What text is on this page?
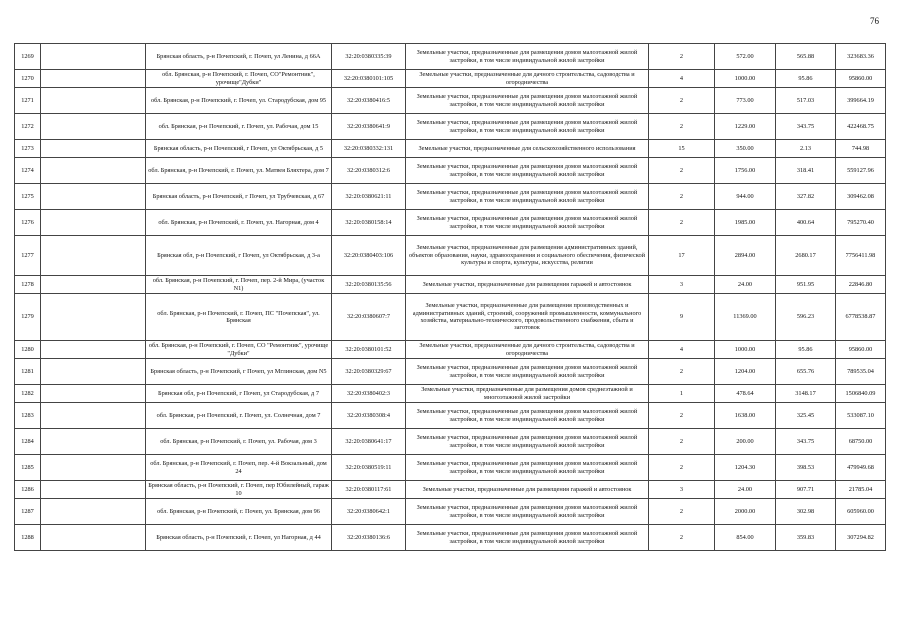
76
1269		Брянская область, р-н Почепский, г. Почеп, ул Ленина, д 66А	32:20:0380335:39	Земельные участки, предназначенные для размещения домов малоэтажной жилой застройки, в том числе индивидуальной жилой застройки	2	572.00	565.88	323683.36
1270		обл. Брянская, р-н Почепский, г. Почеп, СО"Ремонтник", урочище"Дубки"	32:20:0380101:105	Земельные участки, предназначенные для дачного строительства, садоводства и огородничества	4	1000.00	95.86	95860.00
1271		обл. Брянская, р-н Почепский, г. Почеп, ул. Стародубская, дом 95	32:20:0380416:5	Земельные участки, предназначенные для размещения домов малоэтажной жилой застройки, в том числе индивидуальной жилой застройки	2	773.00	517.03	399664.19
1272		обл. Брянская, р-н Почепский, г. Почеп, ул. Рабочая, дом 15	32:20:0380641:9	Земельные участки, предназначенные для размещения домов малоэтажной жилой застройки, в том числе индивидуальной жилой застройки	2	1229.00	343.75	422468.75
1273		Брянская область, р-н Почепский, г Почеп, ул Октябрьская, д 5	32:20:0380332:131	Земельные участки, предназначенные для сельскохозяйственного использования	15	350.00	2.13	744.98
1274		обл. Брянская, р-н Почепский, г. Почеп, ул. Матвея Бляхтера, дом 7	32:20:0380312:6	Земельные участки, предназначенные для размещения домов малоэтажной жилой застройки, в том числе индивидуальной жилой застройки	2	1756.00	318.41	559127.96
1275		Брянская область, р-н Почепский, г Почеп, ул Трубчевская, д 67	32:20:0380621:11	Земельные участки, предназначенные для размещения домов малоэтажной жилой застройки, в том числе индивидуальной жилой застройки	2	944.00	327.82	309462.08
1276		обл. Брянская, р-н Почепский, г. Почеп, ул. Нагорная, дом 4	32:20:0380158:14	Земельные участки, предназначенные для размещения домов малоэтажной жилой застройки, в том числе индивидуальной жилой застройки	2	1985.00	400.64	795270.40
1277		Брянская обл, р-н Почепский, г Почеп, ул Октябрьская, д 3-а	32:20:0380403:106	Земельные участки, предназначенные для размещения административных зданий, объектов образования, науки, здравоохранения и социального обеспечения, физической культуры и спорта, культуры, искусства, религии	17	2894.00	2680.17	7756411.98
1278		обл. Брянская, р-н Почепский, г. Почеп, пер. 2-й Мира, (участок N1)	32:20:0380135:56	Земельные участки, предназначенные для размещения гаражей и автостоянок	3	24.00	951.95	22846.80
1279		обл. Брянская, р-н Почепский, г. Почеп, ПС "Почепская", ул. Брянская	32:20:0380607:7	Земельные участки, предназначенные для размещения производственных и административных зданий, строений, сооружений промышленности, коммунального хозяйства, материально-технического, продовольственного снабжения, сбыта и заготовок	9	11369.00	596.23	6778538.87
1280		обл. Брянская, р-н Почепский, г. Почеп, СО "Ремонтник", урочище "Дубки"	32:20:0380101:52	Земельные участки, предназначенные для дачного строительства, садоводства и огородничества	4	1000.00	95.86	95860.00
1281		Брянская область, р-н Почепский, г Почеп, ул Мглинская, дом N5	32:20:0380329:67	Земельные участки, предназначенные для размещения домов малоэтажной жилой застройки, в том числе индивидуальной жилой застройки	2	1204.00	655.76	789535.04
1282		Брянская обл, р-н Почепский, г Почеп, ул Стародубская, д 7	32:20:0380402:3	Земельные участки, предназначенные для размещения домов среднеэтажной и многоэтажной жилой застройки	1	478.64	3148.17	1506840.09
1283		обл. Брянская, р-н Почепский, г. Почеп, ул. Солнечная, дом 7	32:20:0380308:4	Земельные участки, предназначенные для размещения домов малоэтажной жилой застройки, в том числе индивидуальной жилой застройки	2	1638.00	325.45	533087.10
1284		обл. Брянская, р-н Почепский, г. Почеп, ул. Рабочая, дом 3	32:20:0380641:17	Земельные участки, предназначенные для размещения домов малоэтажной жилой застройки, в том числе индивидуальной жилой застройки	2	200.00	343.75	68750.00
1285		обл. Брянская, р-н Почепский, г. Почеп, пер. 4-й Вокзальный, дом 24	32:20:0380519:11	Земельные участки, предназначенные для размещения домов малоэтажной жилой застройки, в том числе индивидуальной жилой застройки	2	1204.30	398.53	479949.68
1286		Брянская область, р-н Почепский, г. Почеп, пер Юбилейный, гараж 10	32:20:0380117:61	Земельные участки, предназначенные для размещения гаражей и автостоянок	3	24.00	907.71	21785.04
1287		обл. Брянская, р-н Почепский, г. Почеп, ул. Брянская, дом 96	32:20:0380642:1	Земельные участки, предназначенные для размещения домов малоэтажной жилой застройки, в том числе индивидуальной жилой застройки	2	2000.00	302.98	605960.00
1288		Брянская область, р-н Почепский, г. Почеп, ул Нагорная, д 44	32:20:0380136:6	Земельные участки, предназначенные для размещения домов малоэтажной жилой застройки, в том числе индивидуальной жилой застройки	2	854.00	359.83	307294.82
